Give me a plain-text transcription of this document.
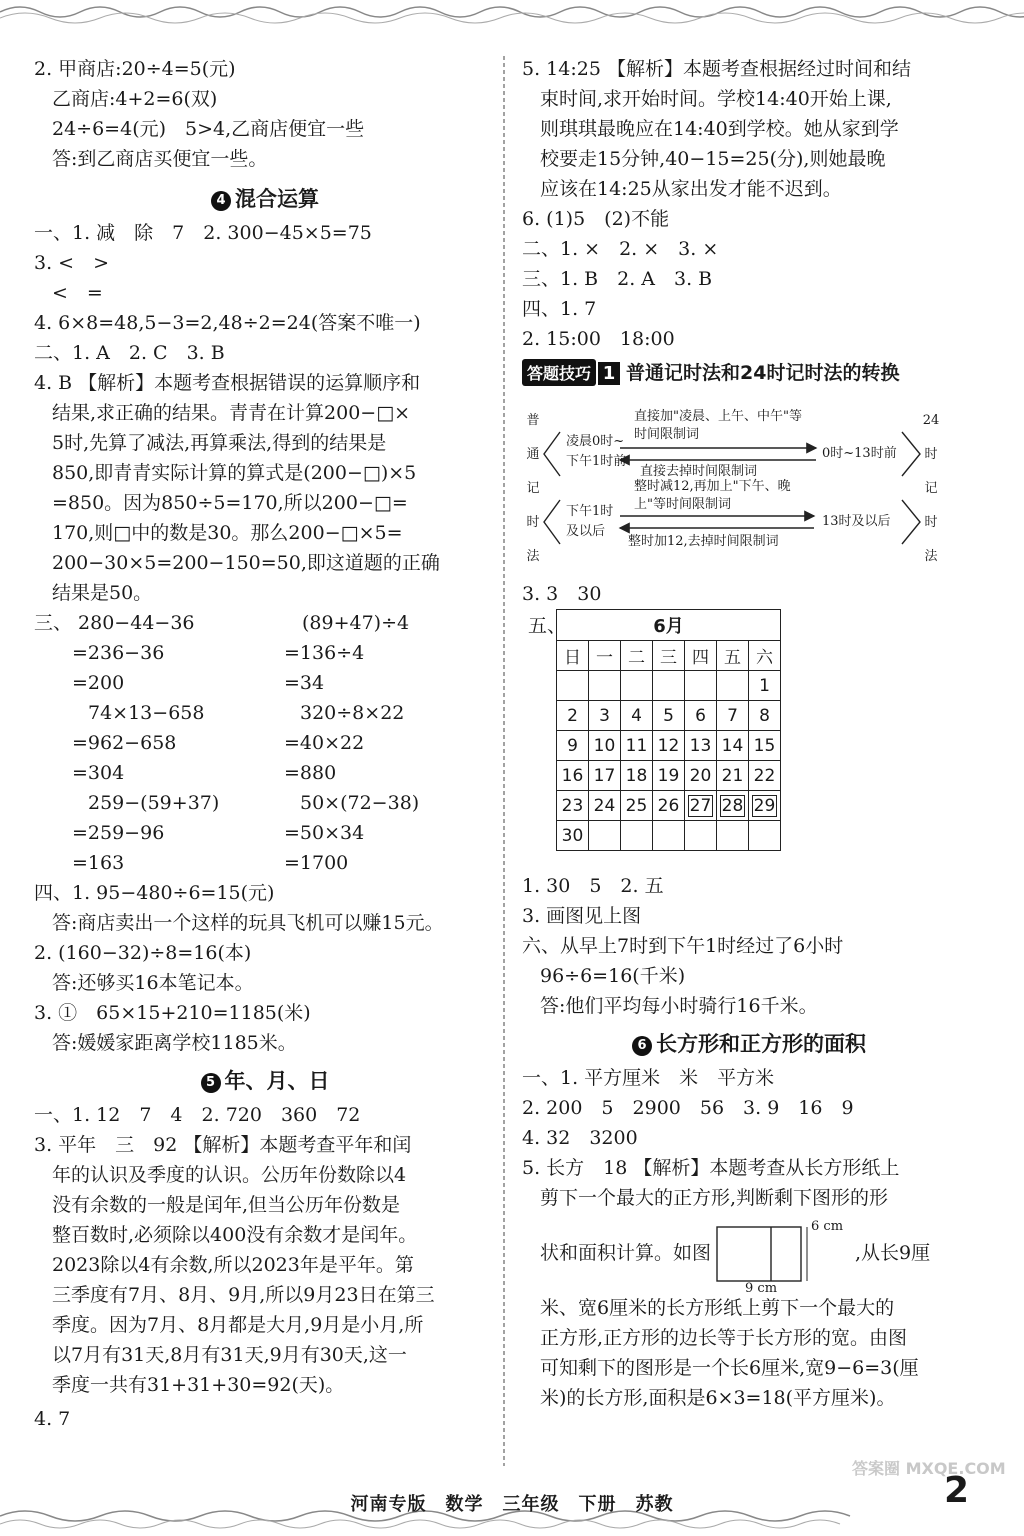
2. 甲商店:20÷4=5(元)
乙商店:4+2=6(双)
24÷6=4(元)　5>4,乙商店便宜一些
答:到乙商店买便宜一些。
4 混合运算
一、1. 减　除　7　2. 300−45×5=75
3. <　>
<　=
4. 6×8=48,5−3=2,48÷2=24(答案不唯一)
二、1. A　2. C　3. B
4. B 【解析】本题考查根据错误的运算顺序和
结果,求正确的结果。青青在计算200−□×
5时,先算了减法,再算乘法,得到的结果是
850,即青青实际计算的算式是(200−□)×5
=850。因为850÷5=170,所以200−□=
170,则□中的数是30。那么200−□×5=
200−30×5=200−150=50,即这道题的正确
结果是50。
三、 280−44−36	(89+47)÷4
=236−36	=136÷4
=200	=34
74×13−658	320÷8×22
=962−658	=40×22
=304	=880
259−(59+37)	50×(72−38)
=259−96	=50×34
=163	=1700
四、1. 95−480÷6=15(元)
答:商店卖出一个这样的玩具飞机可以赚15元。
2. (160−32)÷8=16(本)
答:还够买16本笔记本。
3. ①　65×15+210=1185(米)
答:媛媛家距离学校1185米。
5 年、月、日
一、1. 12　7　4　2. 720　360　72
3. 平年　三　92 【解析】本题考查平年和闰
年的认识及季度的认识。公历年份数除以4
没有余数的一般是闰年,但当公历年份数是
整百数时,必须除以400没有余数才是闰年。
2023除以4有余数,所以2023年是平年。第
三季度有7月、8月、9月,所以9月23日在第三
季度。因为7月、8月都是大月,9月是小月,所
以7月有31天,8月有31天,9月有30天,这一
季度一共有31+31+30=92(天)。
4. 7
5. 14:25 【解析】本题考查根据经过时间和结
束时间,求开始时间。学校14:40开始上课,
则琪琪最晚应在14:40到学校。她从家到学
校要走15分钟,40−15=25(分),则她最晚
应该在14:25从家出发才能不迟到。
6. (1)5　(2)不能
二、1. ×　2. ×　3. ×
三、1. B　2. A　3. B
四、1. 7
2. 15:00　18:00
答题技巧 1 普通记时法和24时记时法的转换
普通记时法
24时记时法
凌晨0时~下午1时前
下午1时及以后
直接加"凌晨、上午、中午"等时间限制词
直接去掉时间限制词
整时减12,再加上"下午、晚上"等时间限制词
整时加12,去掉时间限制词
0时~13时前
13时及以后
3. 3　30
五、	6月						
日	一	二	三	四	五	六
						1
2	3	4	5	6	7	8
9	10	11	12	13	14	15
16	17	18	19	20	21	22
23	24	25	26	27	28	29
30						
1. 30　5　2. 五
3. 画图见上图
六、从早上7时到下午1时经过了6小时
96÷6=16(千米)
答:他们平均每小时骑行16千米。
6 长方形和正方形的面积
一、1. 平方厘米　米　平方米
2. 200　5　2900　56　3. 9　16　9
4. 32　3200
5. 长方　18 【解析】本题考查从长方形纸上
剪下一个最大的正方形,判断剩下图形的形
状和面积计算。如图
6 cm
9 cm
,从长9厘
米、宽6厘米的长方形纸上剪下一个最大的
正方形,正方形的边长等于长方形的宽。由图
可知剩下的图形是一个长6厘米,宽9−6=3(厘
米)的长方形,面积是6×3=18(平方厘米)。
答案圈 MXQE.COM
2
河南专版　数学　三年级　下册　苏教
